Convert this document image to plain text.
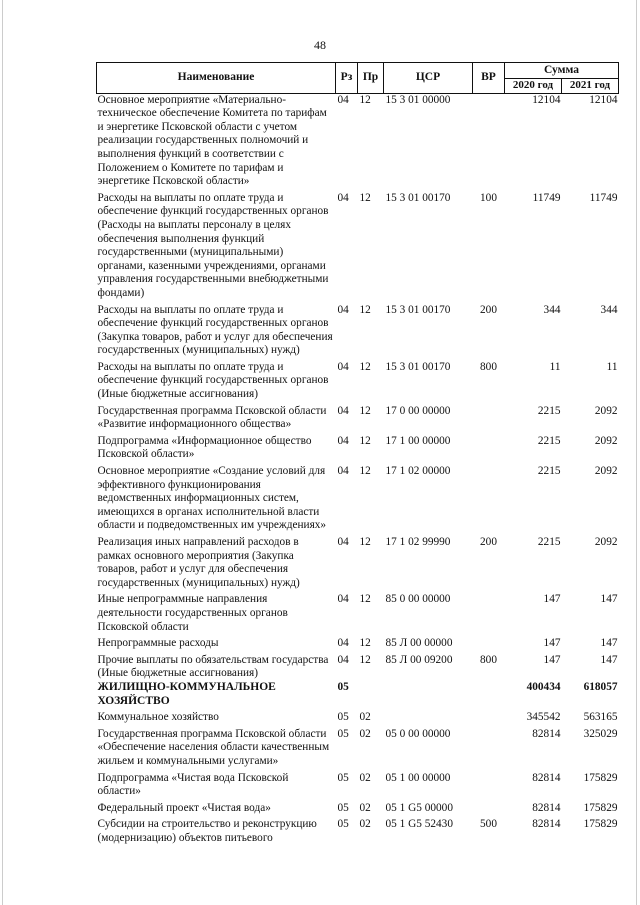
48
Наименование	Рз	Пр	ЦСР	ВР	Сумма	
					2020 год	2021 год
Основное мероприятие «Материально-техническое обеспечение Комитета по тарифам и энергетике Псковской области с учетом реализации государственных полномочий и выполнения функций в соответствии с Положением о Комитете по тарифам и энергетике Псковской области»	04	12	15 3 01 00000		12104	12104
Расходы на выплаты по оплате труда и обеспечение функций государственных органов (Расходы на выплаты персоналу в целях обеспечения выполнения функций государственными (муниципальными) органами, казенными учреждениями, органами управления государственными внебюджетными фондами)	04	12	15 3 01 00170	100	11749	11749
Расходы на выплаты по оплате труда и обеспечение функций государственных органов (Закупка товаров, работ и услуг для обеспечения государственных (муниципальных) нужд)	04	12	15 3 01 00170	200	344	344
Расходы на выплаты по оплате труда и обеспечение функций государственных органов (Иные бюджетные ассигнования)	04	12	15 3 01 00170	800	11	11
Государственная программа Псковской области «Развитие информационного общества»	04	12	17 0 00 00000		2215	2092
Подпрограмма «Информационное общество Псковской области»	04	12	17 1 00 00000		2215	2092
Основное мероприятие «Создание условий для эффективного функционирования ведомственных информационных систем, имеющихся в органах исполнительной власти области и подведомственных им учреждениях»	04	12	17 1 02 00000		2215	2092
Реализация иных направлений расходов в рамках основного мероприятия (Закупка товаров, работ и услуг для обеспечения государственных (муниципальных) нужд)	04	12	17 1 02 99990	200	2215	2092
Иные непрограммные направления деятельности государственных органов Псковской области	04	12	85 0 00 00000		147	147
Непрограммные расходы	04	12	85 Л 00 00000		147	147
Прочие выплаты по обязательствам государства (Иные бюджетные ассигнования)	04	12	85 Л 00 09200	800	147	147
ЖИЛИЩНО-КОММУНАЛЬНОЕ ХОЗЯЙСТВО	05				400434	618057
Коммунальное хозяйство	05	02			345542	563165
Государственная программа Псковской области «Обеспечение населения области качественным жильем и коммунальными услугами»	05	02	05 0 00 00000		82814	325029
Подпрограмма «Чистая вода Псковской области»	05	02	05 1 00 00000		82814	175829
Федеральный проект «Чистая вода»	05	02	05 1 G5 00000		82814	175829
Субсидии на строительство и реконструкцию (модернизацию) объектов питьевого	05	02	05 1 G5 52430	500	82814	175829
